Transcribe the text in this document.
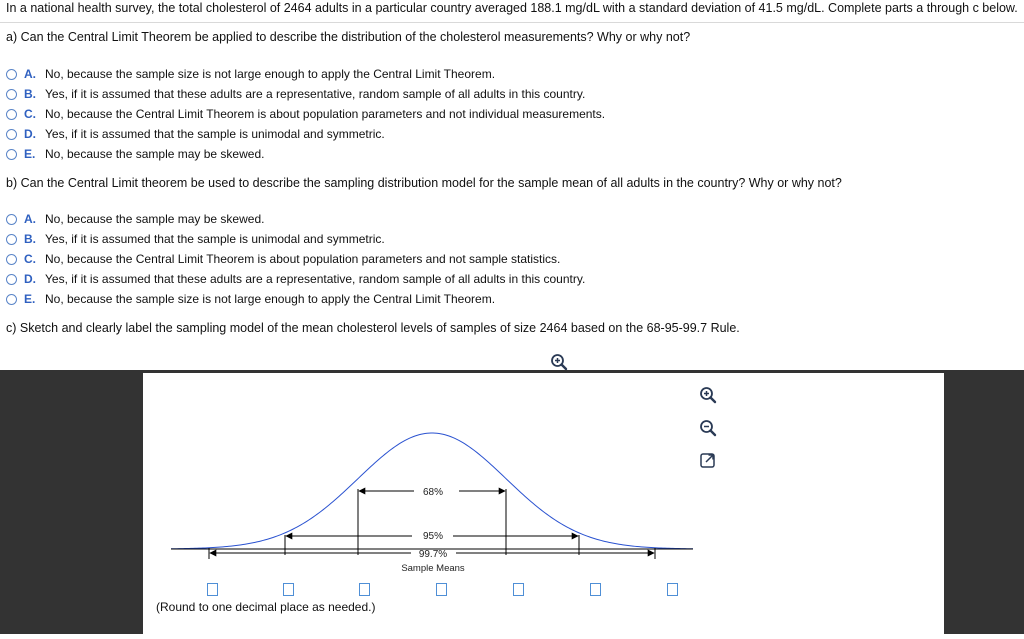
In a national health survey, the total cholesterol of 2464 adults in a particular country averaged 188.1 mg/dL with a standard deviation of 41.5 mg/dL. Complete parts a through c below.
a) Can the Central Limit Theorem be applied to describe the distribution of the cholesterol measurements? Why or why not?
A. No, because the sample size is not large enough to apply the Central Limit Theorem.
B. Yes, if it is assumed that these adults are a representative, random sample of all adults in this country.
C. No, because the Central Limit Theorem is about population parameters and not individual measurements.
D. Yes, if it is assumed that the sample is unimodal and symmetric.
E. No, because the sample may be skewed.
b) Can the Central Limit theorem be used to describe the sampling distribution model for the sample mean of all adults in the country? Why or why not?
A. No, because the sample may be skewed.
B. Yes, if it is assumed that the sample is unimodal and symmetric.
C. No, because the Central Limit Theorem is about population parameters and not sample statistics.
D. Yes, if it is assumed that these adults are a representative, random sample of all adults in this country.
E. No, because the sample size is not large enough to apply the Central Limit Theorem.
c) Sketch and clearly label the sampling model of the mean cholesterol levels of samples of size 2464 based on the 68-95-99.7 Rule.
68%
95%
99.7%
Sample Means
(Round to one decimal place as needed.)
